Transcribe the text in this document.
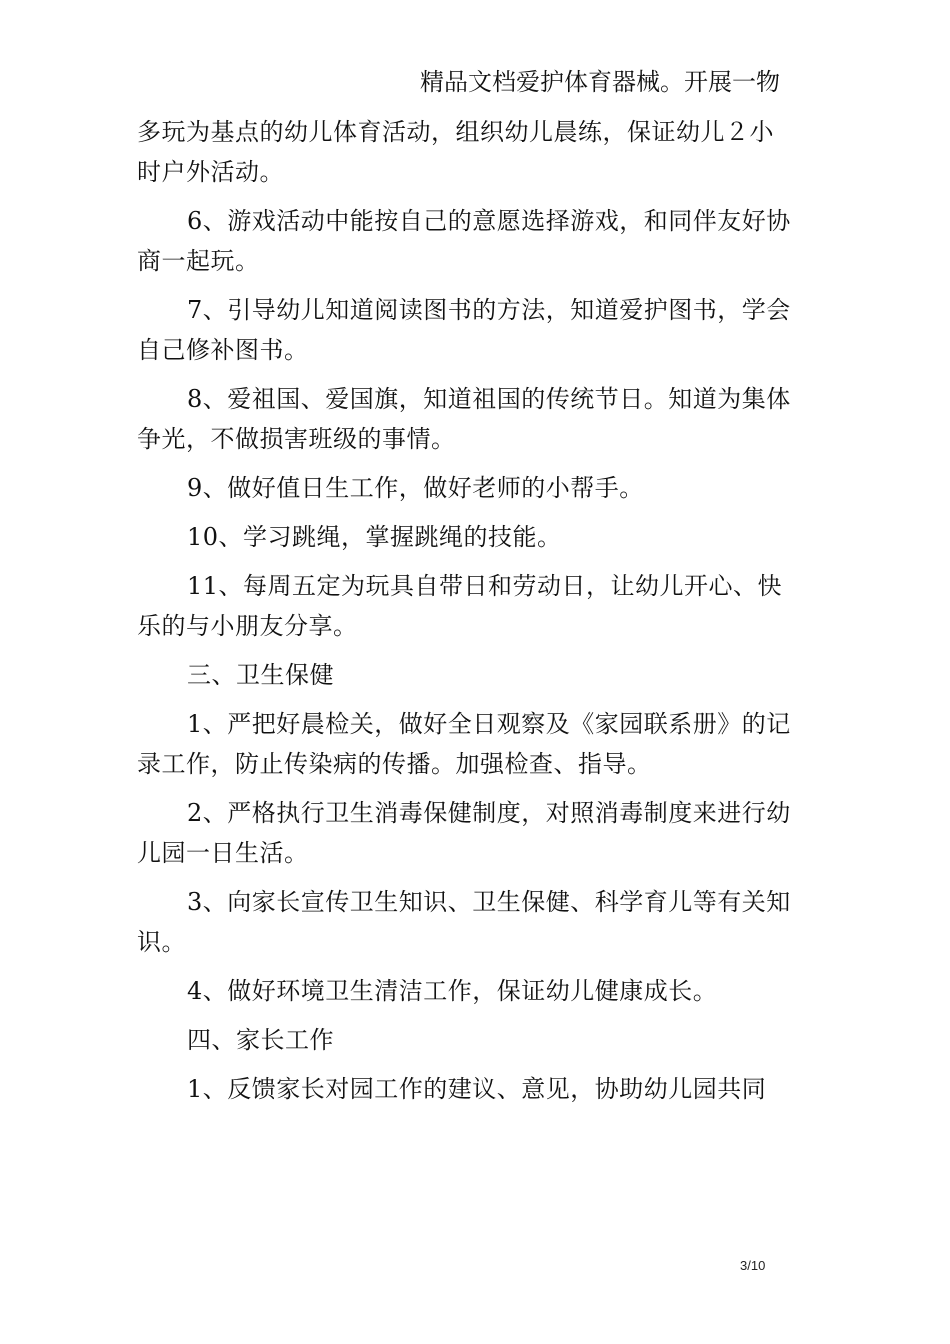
精品文档爱护体育器械。开展一物
多玩为基点的幼儿体育活动，组织幼儿晨练，保证幼儿２小
时户外活动。
6、游戏活动中能按自己的意愿选择游戏，和同伴友好协
商一起玩。
7、引导幼儿知道阅读图书的方法，知道爱护图书，学会
自己修补图书。
8、爱祖国、爱国旗，知道祖国的传统节日。知道为集体
争光，不做损害班级的事情。
9、做好值日生工作，做好老师的小帮手。
10、学习跳绳，掌握跳绳的技能。
11、每周五定为玩具自带日和劳动日，让幼儿开心、快
乐的与小朋友分享。
三、卫生保健
1、严把好晨检关，做好全日观察及《家园联系册》的记
录工作，防止传染病的传播。加强检查、指导。
2、严格执行卫生消毒保健制度，对照消毒制度来进行幼
儿园一日生活。
3、向家长宣传卫生知识、卫生保健、科学育儿等有关知
识。
4、做好环境卫生清洁工作，保证幼儿健康成长。
四、家长工作
1、反馈家长对园工作的建议、意见，协助幼儿园共同
3/10
